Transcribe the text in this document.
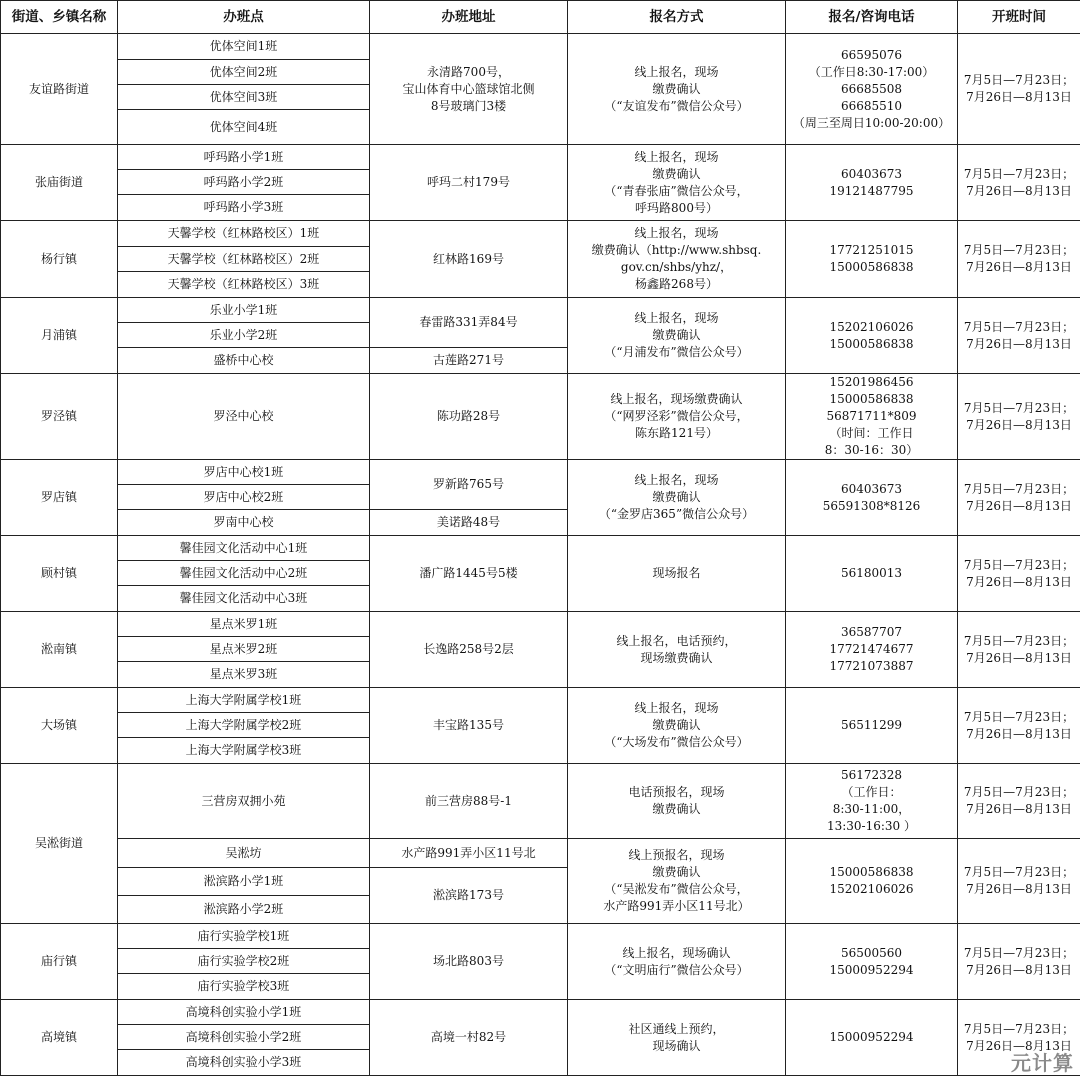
街道、乡镇名称	办班点	办班地址	报名方式	报名/咨询电话	开班时间
友谊路街道	优体空间1班	永清路700号，
宝山体育中心篮球馆北侧
8号玻璃门3楼	线上报名，现场
缴费确认
（“友谊发布”微信公众号）	66595076
（工作日8:30-17:00）
66685508
66685510
（周三至周日10:00-20:00）	7月5日—7月23日；
7月26日—8月13日
	优体空间2班				
	优体空间3班				
	优体空间4班				
张庙街道	呼玛路小学1班	呼玛二村179号	线上报名，现场
缴费确认
（“青春张庙”微信公众号，
呼玛路800号）	60403673
19121487795	7月5日—7月23日；
7月26日—8月13日
	呼玛路小学2班				
	呼玛路小学3班				
杨行镇	天馨学校（红林路校区）1班	红林路169号	线上报名，现场
缴费确认（http://www.shbsq.
gov.cn/shbs/yhz/，
杨鑫路268号）	17721251015
15000586838	7月5日—7月23日；
7月26日—8月13日
	天馨学校（红林路校区）2班				
	天馨学校（红林路校区）3班				
月浦镇	乐业小学1班	春雷路331弄84号	线上报名，现场
缴费确认
（“月浦发布”微信公众号）	15202106026
15000586838	7月5日—7月23日；
7月26日—8月13日
	乐业小学2班				
	盛桥中心校	古莲路271号			
罗泾镇	罗泾中心校	陈功路28号	线上报名，现场缴费确认
（“网罗泾彩”微信公众号，
陈东路121号）	15201986456
15000586838
56871711*809
（时间：工作日
8：30-16：30）	7月5日—7月23日；
7月26日—8月13日
罗店镇	罗店中心校1班	罗新路765号	线上报名，现场
缴费确认
（“金罗店365”微信公众号）	60403673
56591308*8126	7月5日—7月23日；
7月26日—8月13日
	罗店中心校2班				
	罗南中心校	美诺路48号			
顾村镇	馨佳园文化活动中心1班	潘广路1445号5楼	现场报名	56180013	7月5日—7月23日；
7月26日—8月13日
	馨佳园文化活动中心2班				
	馨佳园文化活动中心3班				
淞南镇	星点米罗1班	长逸路258号2层	线上报名，电话预约，
现场缴费确认	36587707
17721474677
17721073887	7月5日—7月23日；
7月26日—8月13日
	星点米罗2班				
	星点米罗3班				
大场镇	上海大学附属学校1班	丰宝路135号	线上报名，现场
缴费确认
（“大场发布”微信公众号）	56511299	7月5日—7月23日；
7月26日—8月13日
	上海大学附属学校2班				
	上海大学附属学校3班				
吴淞街道	三营房双拥小苑	前三营房88号-1	电话预报名，现场
缴费确认	56172328
（工作日：
8:30-11:00，
13:30-16:30 ）	7月5日—7月23日；
7月26日—8月13日
	吴淞坊	水产路991弄小区11号北	线上预报名，现场
缴费确认
（“吴淞发布”微信公众号，
水产路991弄小区11号北）	15000586838
15202106026	7月5日—7月23日；
7月26日—8月13日
	淞滨路小学1班	淞滨路173号			
	淞滨路小学2班				
庙行镇	庙行实验学校1班	场北路803号	线上报名，现场确认
（“文明庙行”微信公众号）	56500560
15000952294	7月5日—7月23日；
7月26日—8月13日
	庙行实验学校2班				
	庙行实验学校3班				
高境镇	高境科创实验小学1班	高境一村82号	社区通线上预约，
现场确认	15000952294	7月5日—7月23日；
7月26日—8月13日
	高境科创实验小学2班				
	高境科创实验小学3班					元计算
